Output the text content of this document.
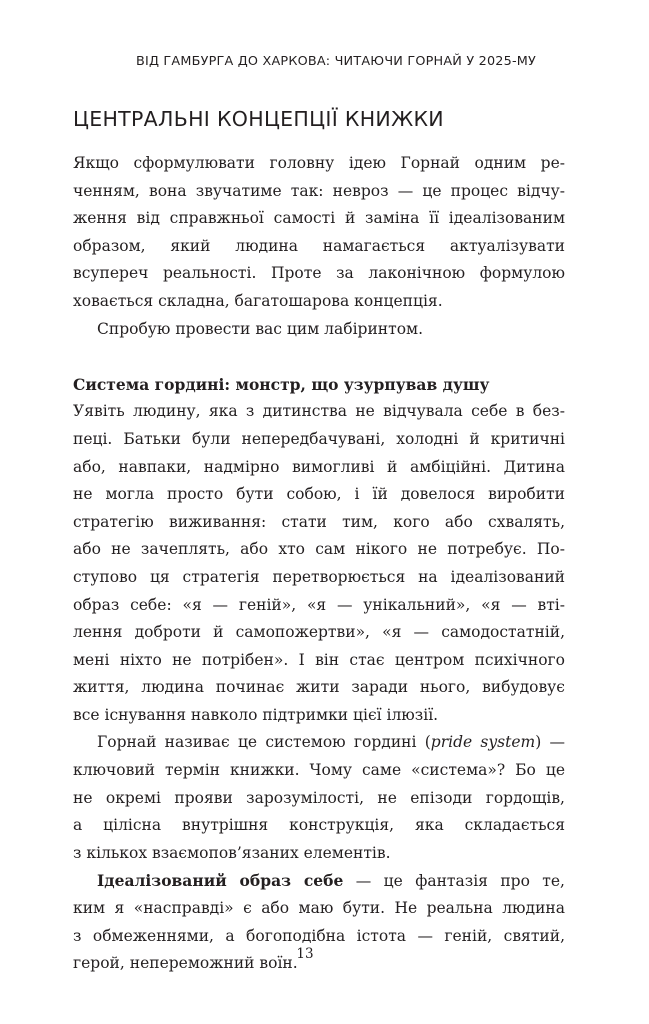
ВІД ГАМБУРГА ДО ХАРКОВА: ЧИТАЮЧИ ГОРНАЙ У 2025-МУ
ЦЕНТРАЛЬНІ КОНЦЕПЦІЇ КНИЖКИ
Якщо сформулювати головну ідею Горнай одним ре-
ченням, вона звучатиме так: невроз — це процес відчу-
ження від справжньої самості й заміна її ідеалізованим
образом, який людина намагається актуалізувати
всупереч реальності. Проте за лаконічною формулою
ховається складна, багатошарова концепція.
Спробую провести вас цим лабіринтом.
Система гордині: монстр, що узурпував душу
Уявіть людину, яка з дитинства не відчувала себе в без-
пеці. Батьки були непередбачувані, холодні й критичні
або, навпаки, надмірно вимогливі й амбіційні. Дитина
не могла просто бути собою, і їй довелося виробити
стратегію виживання: стати тим, кого або схвалять,
або не зачеплять, або хто сам нікого не потребує. По-
ступово ця стратегія перетворюється на ідеалізований
образ себе: «я — геній», «я — унікальний», «я — вті-
лення доброти й самопожертви», «я — самодостатній,
мені ніхто не потрібен». І він стає центром психічного
життя, людина починає жити заради нього, вибудовує
все існування навколо підтримки цієї ілюзії.
Горнай називає це системою гордині (pride system) —
ключовий термін книжки. Чому саме «система»? Бо це
не окремі прояви зарозумілості, не епізоди гордощів,
а цілісна внутрішня конструкція, яка складається
з кількох взаємопов’язаних елементів.
Ідеалізований образ себе — це фантазія про те,
ким я «насправді» є або маю бути. Не реальна людина
з обмеженнями, а богоподібна істота — геній, святий,
герой, непереможний воїн.
13
